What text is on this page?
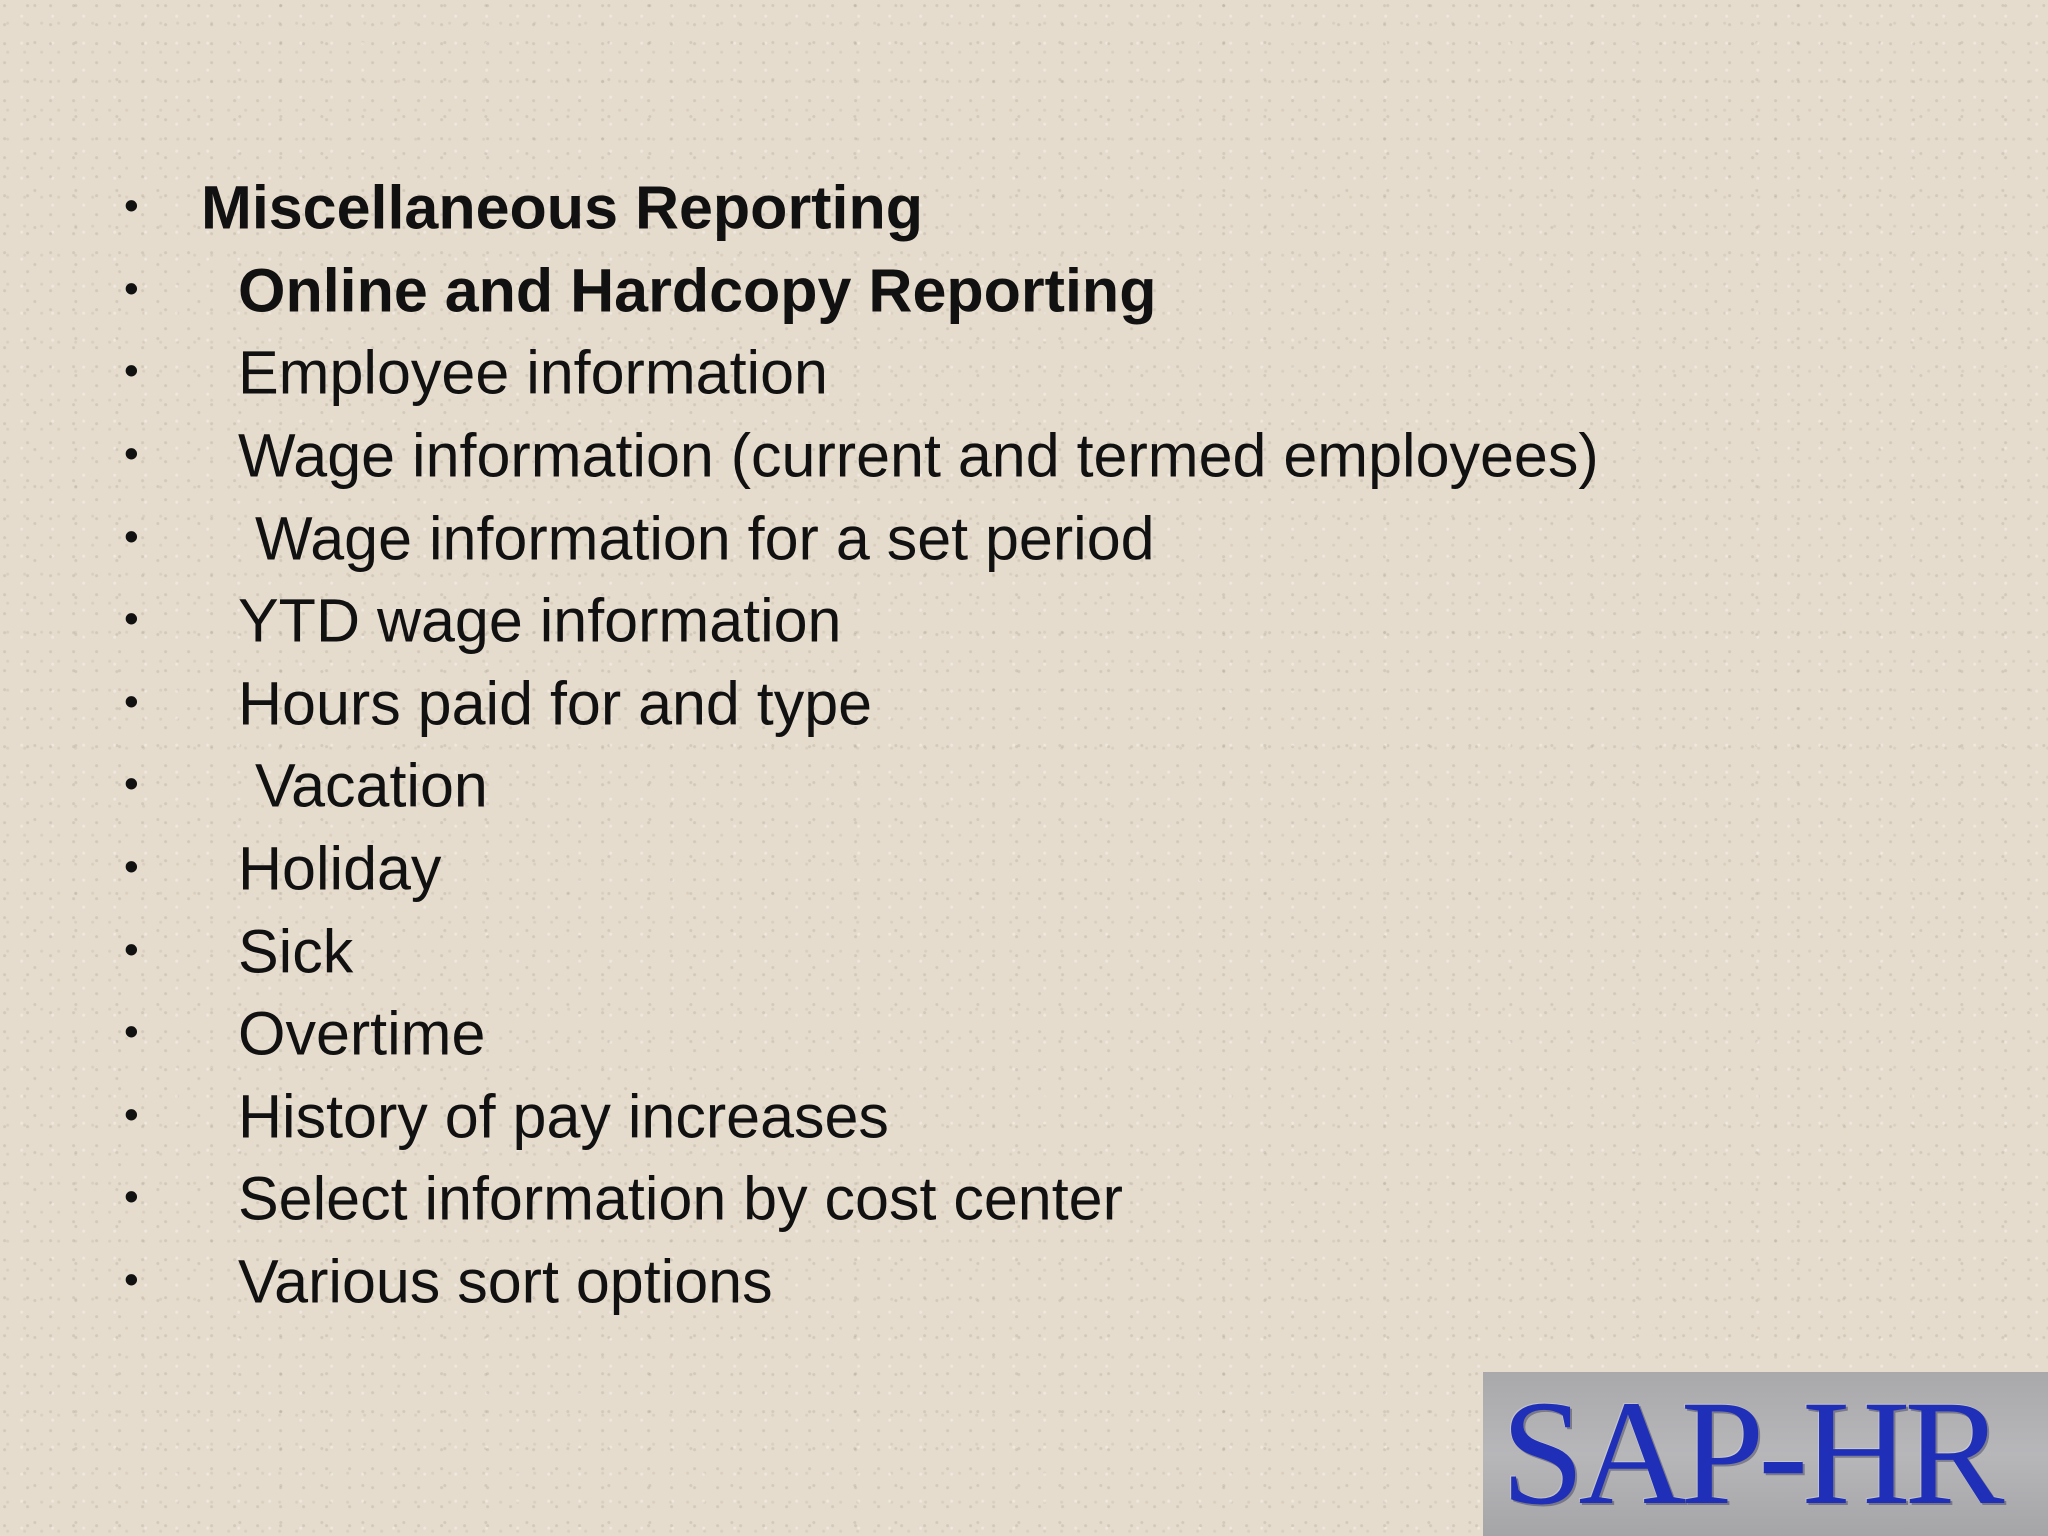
• Miscellaneous Reporting
• Online and Hardcopy Reporting
• Employee information
• Wage information (current and termed employees)
• Wage information for a set period
• YTD wage information
• Hours paid for and type
• Vacation
• Holiday
• Sick
• Overtime
• History of pay increases
• Select information by cost center
• Various sort options
SAP-HR
